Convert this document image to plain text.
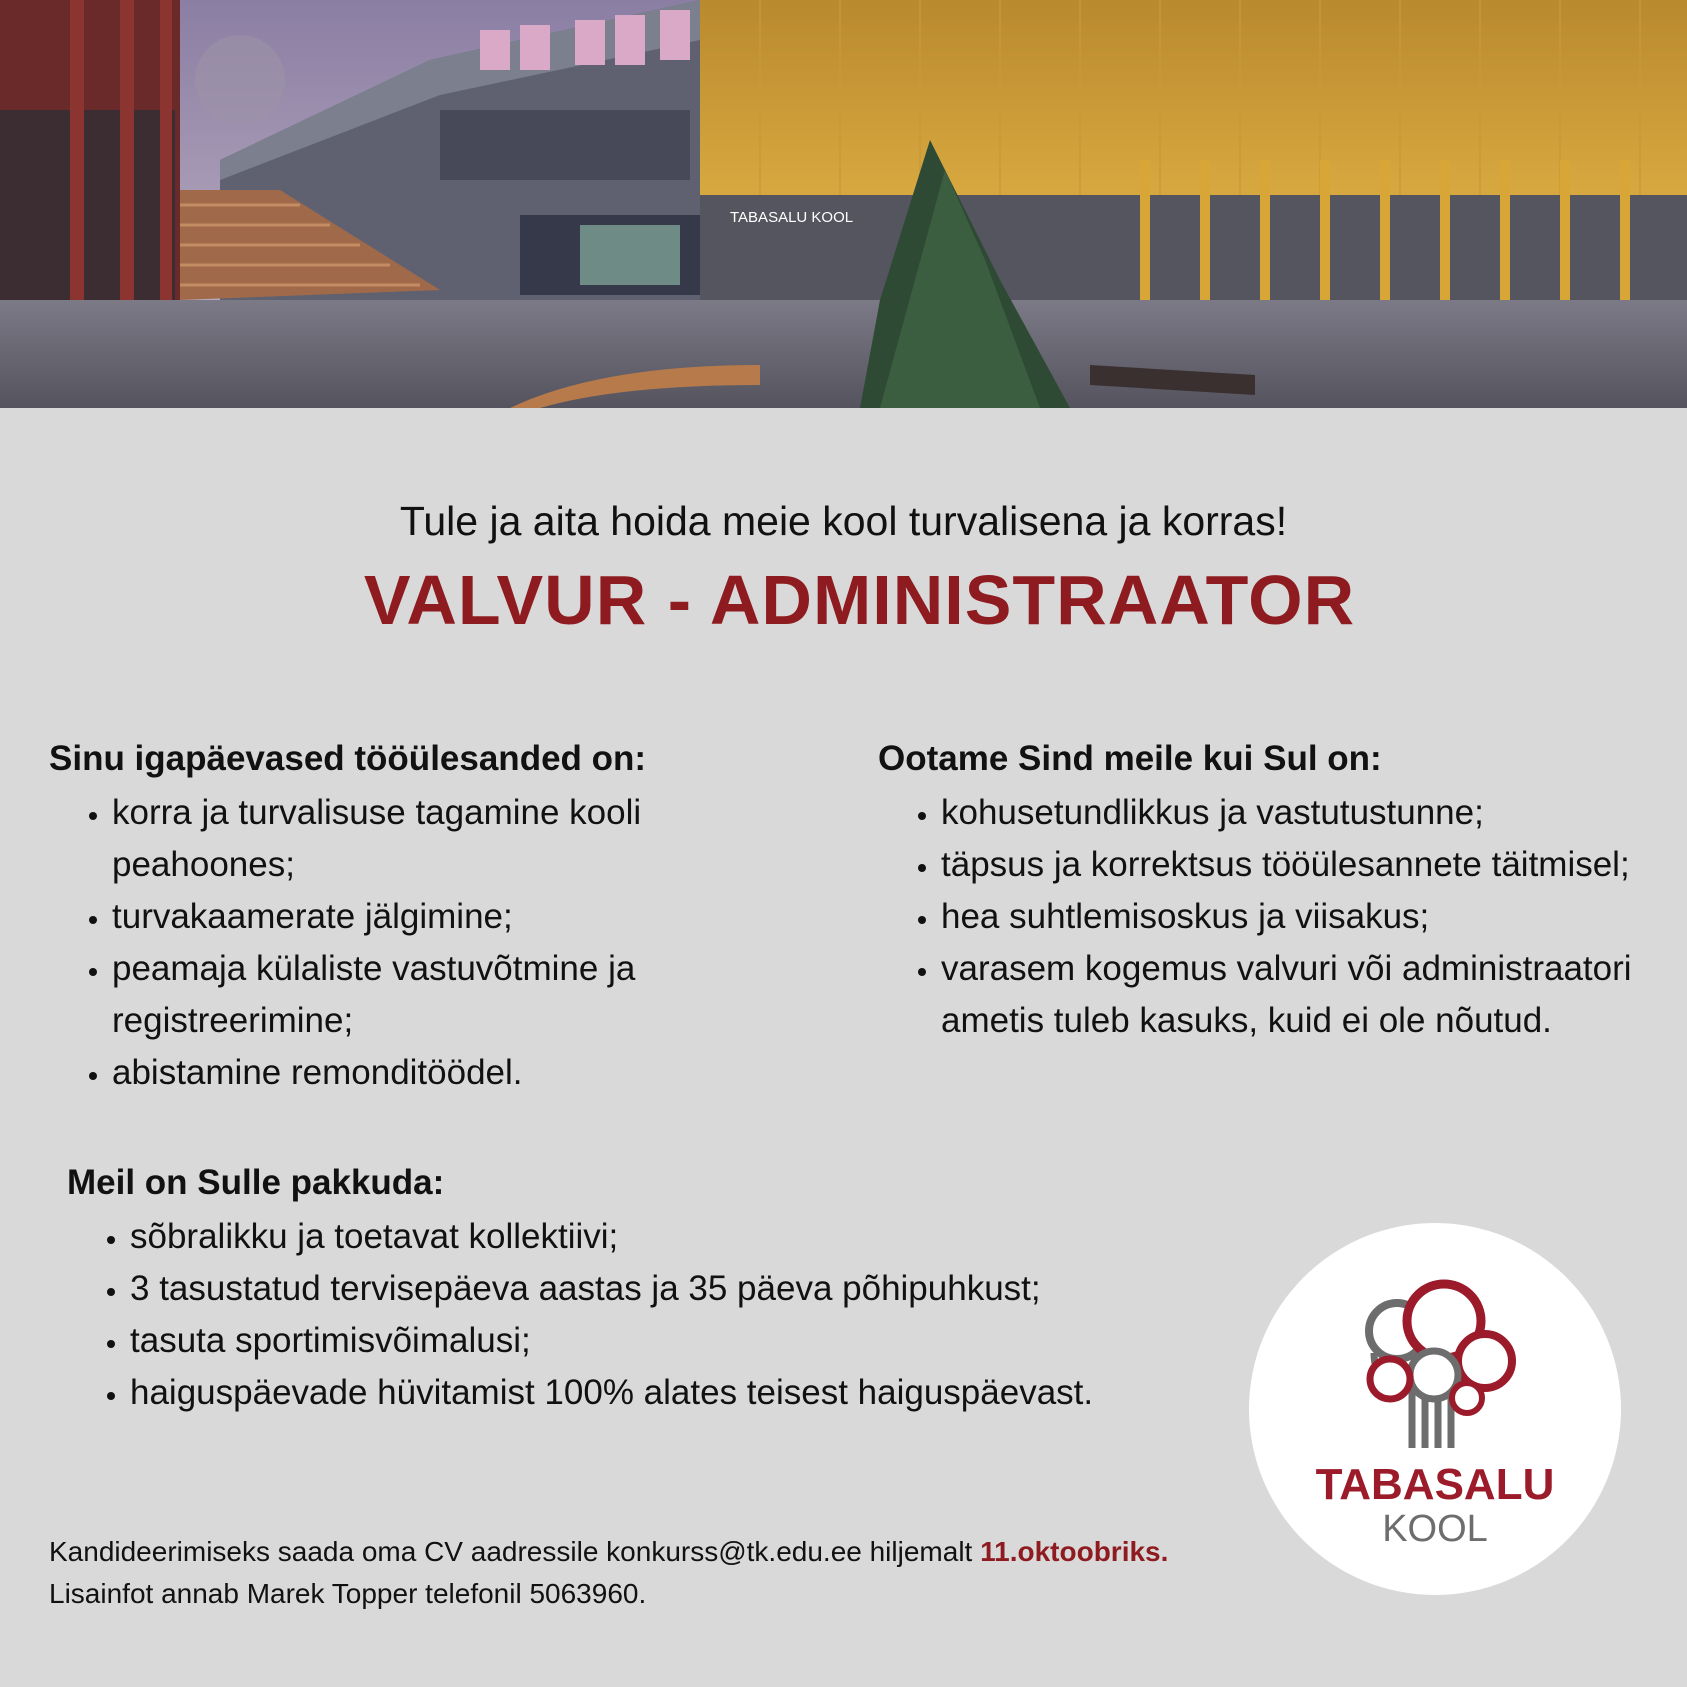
TABASALU KOOL
Tule ja aita hoida meie kool turvalisena ja korras!
VALVUR - ADMINISTRAATOR
Sinu igapäevased tööülesanded on:
• korra ja turvalisuse tagamine kooli peahoones;
• turvakaamerate jälgimine;
• peamaja külaliste vastuvõtmine ja registreerimine;
• abistamine remonditöödel.
Ootame Sind meile kui Sul on:
• kohusetundlikkus ja vastutustunne;
• täpsus ja korrektsus tööülesannete täitmisel;
• hea suhtlemisoskus ja viisakus;
• varasem kogemus valvuri või administraatori ametis tuleb kasuks, kuid ei ole nõutud.
Meil on Sulle pakkuda:
• sõbralikku ja toetavat kollektiivi;
• 3 tasustatud tervisepäeva aastas ja 35 päeva põhipuhkust;
• tasuta sportimisvõimalusi;
• haiguspäevade hüvitamist 100% alates teisest haiguspäevast.
Kandideerimiseks saada oma CV aadressile konkurss@tk.edu.ee hiljemalt 11.oktoobriks.
Lisainfot annab Marek Topper telefonil 5063960.
TABASALU
KOOL
